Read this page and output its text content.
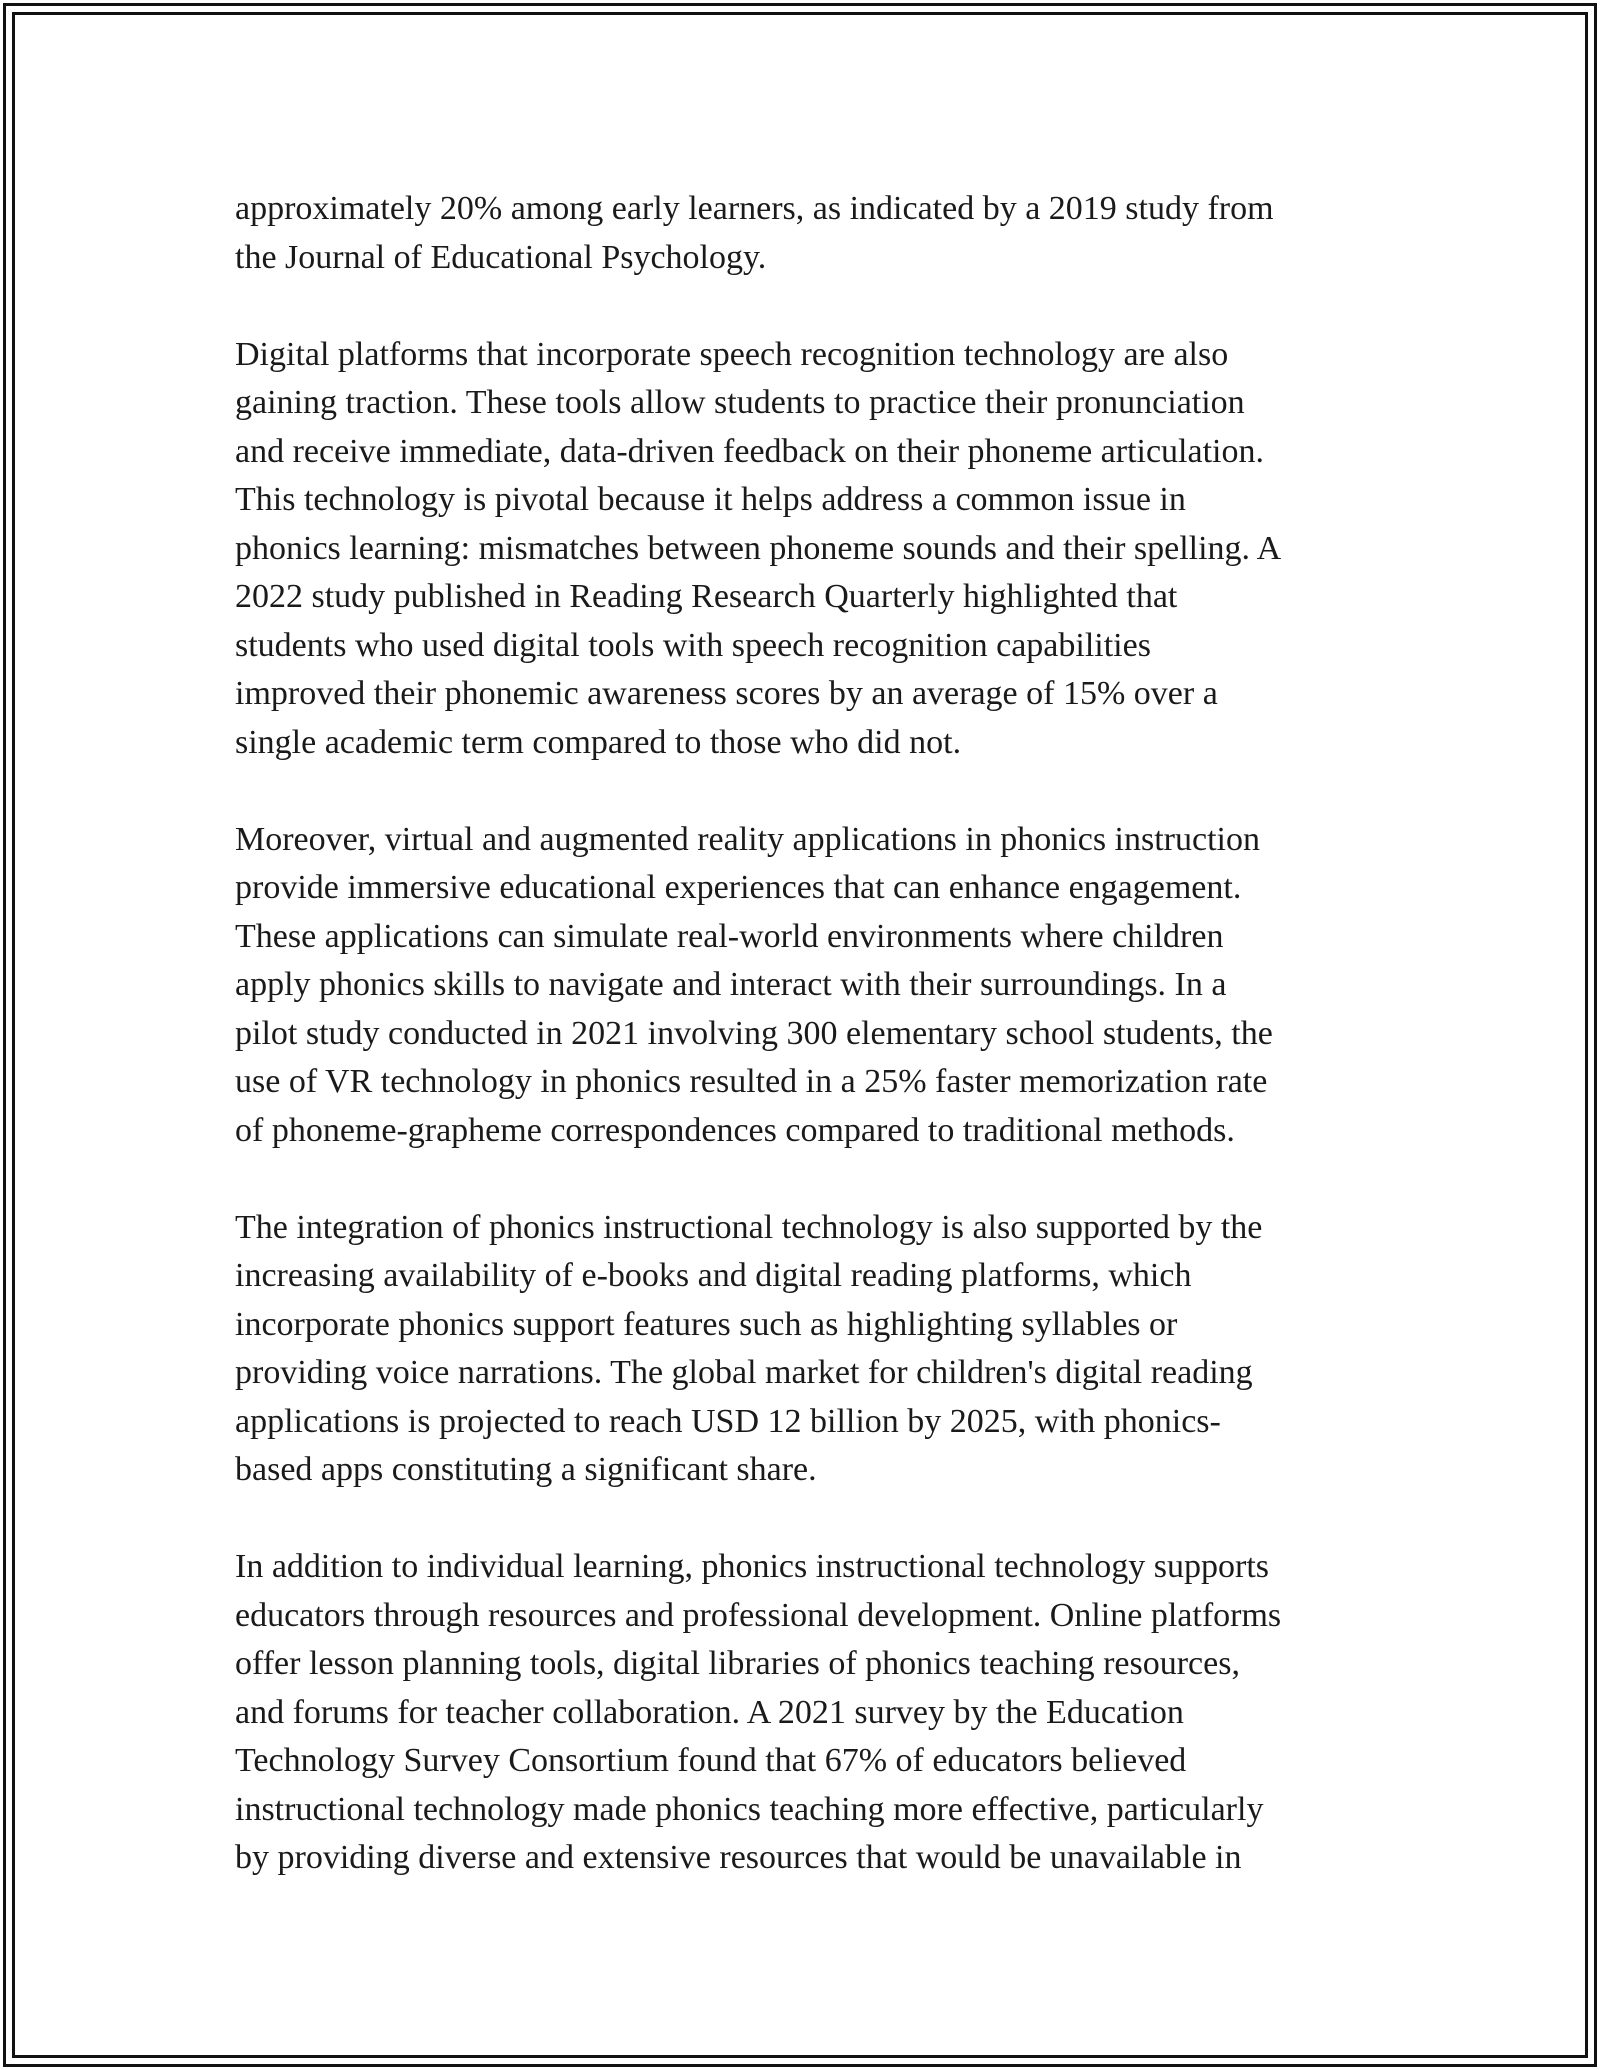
approximately 20% among early learners, as indicated by a 2019 study from
the Journal of Educational Psychology.

Digital platforms that incorporate speech recognition technology are also
gaining traction. These tools allow students to practice their pronunciation
and receive immediate, data-driven feedback on their phoneme articulation.
This technology is pivotal because it helps address a common issue in
phonics learning: mismatches between phoneme sounds and their spelling. A
2022 study published in Reading Research Quarterly highlighted that
students who used digital tools with speech recognition capabilities
improved their phonemic awareness scores by an average of 15% over a
single academic term compared to those who did not.

Moreover, virtual and augmented reality applications in phonics instruction
provide immersive educational experiences that can enhance engagement.
These applications can simulate real-world environments where children
apply phonics skills to navigate and interact with their surroundings. In a
pilot study conducted in 2021 involving 300 elementary school students, the
use of VR technology in phonics resulted in a 25% faster memorization rate
of phoneme-grapheme correspondences compared to traditional methods.

The integration of phonics instructional technology is also supported by the
increasing availability of e-books and digital reading platforms, which
incorporate phonics support features such as highlighting syllables or
providing voice narrations. The global market for children's digital reading
applications is projected to reach USD 12 billion by 2025, with phonics-
based apps constituting a significant share.

In addition to individual learning, phonics instructional technology supports
educators through resources and professional development. Online platforms
offer lesson planning tools, digital libraries of phonics teaching resources,
and forums for teacher collaboration. A 2021 survey by the Education
Technology Survey Consortium found that 67% of educators believed
instructional technology made phonics teaching more effective, particularly
by providing diverse and extensive resources that would be unavailable in
